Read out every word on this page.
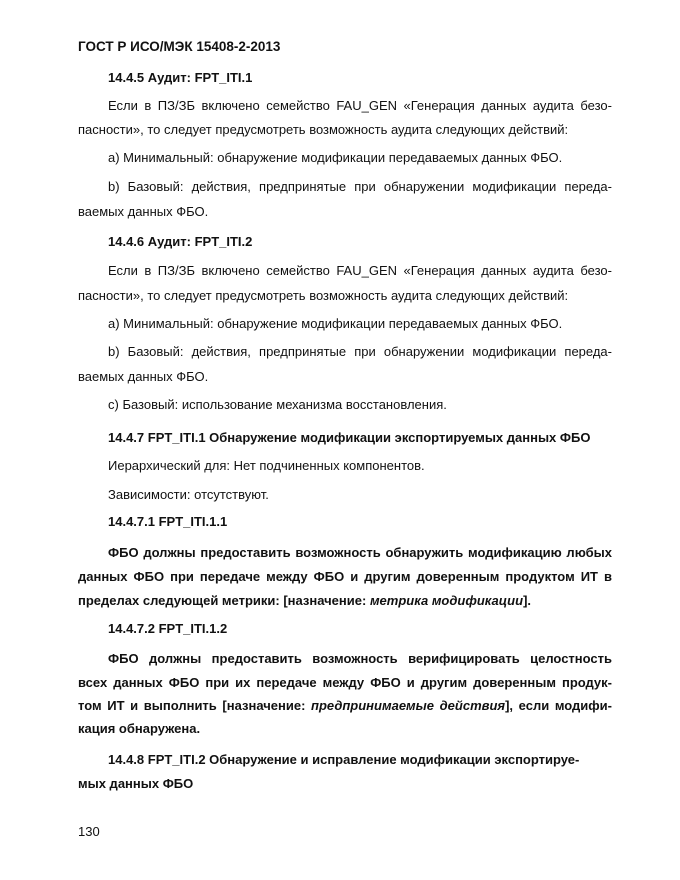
ГОСТ Р ИСО/МЭК 15408-2-2013
14.4.5 Аудит: FPT_ITI.1
Если в ПЗ/ЗБ включено семейство FAU_GEN «Генерация данных аудита безо-
пасности», то следует предусмотреть возможность аудита следующих действий:
a) Минимальный: обнаружение модификации передаваемых данных ФБО.
b) Базовый: действия, предпринятые при обнаружении модификации переда-
ваемых данных ФБО.
14.4.6 Аудит: FPT_ITI.2
Если в ПЗ/ЗБ включено семейство FAU_GEN «Генерация данных аудита безо-
пасности», то следует предусмотреть возможность аудита следующих действий:
a) Минимальный: обнаружение модификации передаваемых данных ФБО.
b) Базовый: действия, предпринятые при обнаружении модификации переда-
ваемых данных ФБО.
c) Базовый: использование механизма восстановления.
14.4.7 FPT_ITI.1 Обнаружение модификации экспортируемых данных ФБО
Иерархический для: Нет подчиненных компонентов.
Зависимости: отсутствуют.
14.4.7.1 FPT_ITI.1.1
ФБО должны предоставить возможность обнаружить модификацию любых
данных ФБО при передаче между ФБО и другим доверенным продуктом ИТ в
пределах следующей метрики: [назначение: метрика модификации].
14.4.7.2 FPT_ITI.1.2
ФБО должны предоставить возможность верифицировать целостность
всех данных ФБО при их передаче между ФБО и другим доверенным продук-
том ИТ и выполнить [назначение: предпринимаемые действия], если модифи-
кация обнаружена.
14.4.8 FPT_ITI.2 Обнаружение и исправление модификации экспортируе-
мых данных ФБО
130
